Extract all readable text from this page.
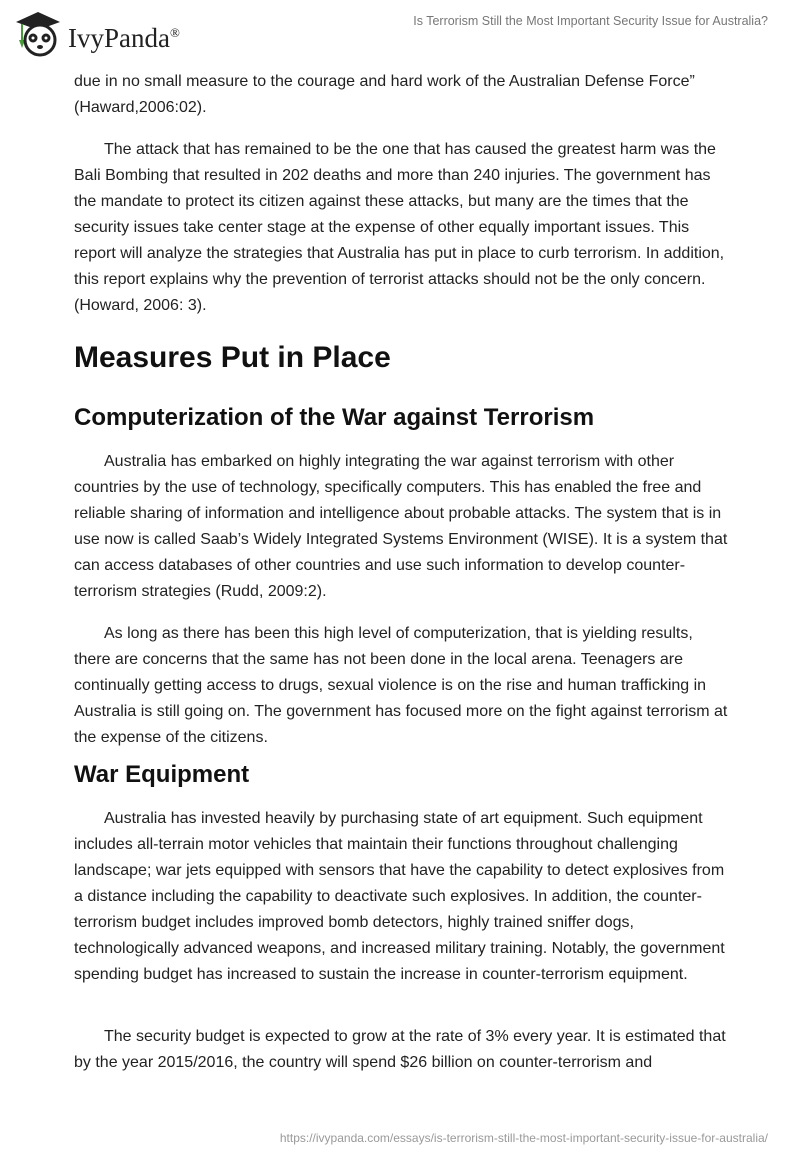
IvyPanda®
Is Terrorism Still the Most Important Security Issue for Australia?

due in no small measure to the courage and hard work of the Australian Defense Force” (Haward,2006:02).

The attack that has remained to be the one that has caused the greatest harm was the Bali Bombing that resulted in 202 deaths and more than 240 injuries. The government has the mandate to protect its citizen against these attacks, but many are the times that the security issues take center stage at the expense of other equally important issues. This report will analyze the strategies that Australia has put in place to curb terrorism. In addition, this report explains why the prevention of terrorist attacks should not be the only concern. (Howard, 2006: 3).

Measures Put in Place
Computerization of the War against Terrorism

Australia has embarked on highly integrating the war against terrorism with other countries by the use of technology, specifically computers. This has enabled the free and reliable sharing of information and intelligence about probable attacks. The system that is in use now is called Saab’s Widely Integrated Systems Environment (WISE). It is a system that can access databases of other countries and use such information to develop counter-terrorism strategies (Rudd, 2009:2).

As long as there has been this high level of computerization, that is yielding results, there are concerns that the same has not been done in the local arena. Teenagers are continually getting access to drugs, sexual violence is on the rise and human trafficking in Australia is still going on. The government has focused more on the fight against terrorism at the expense of the citizens.

War Equipment

Australia has invested heavily by purchasing state of art equipment. Such equipment includes all-terrain motor vehicles that maintain their functions throughout challenging landscape; war jets equipped with sensors that have the capability to detect explosives from a distance including the capability to deactivate such explosives. In addition, the counter-terrorism budget includes improved bomb detectors, highly trained sniffer dogs, technologically advanced weapons, and increased military training. Notably, the government spending budget has increased to sustain the increase in counter-terrorism equipment.

The security budget is expected to grow at the rate of 3% every year. It is estimated that by the year 2015/2016, the country will spend $26 billion on counter-terrorism and

https://ivypanda.com/essays/is-terrorism-still-the-most-important-security-issue-for-australia/
